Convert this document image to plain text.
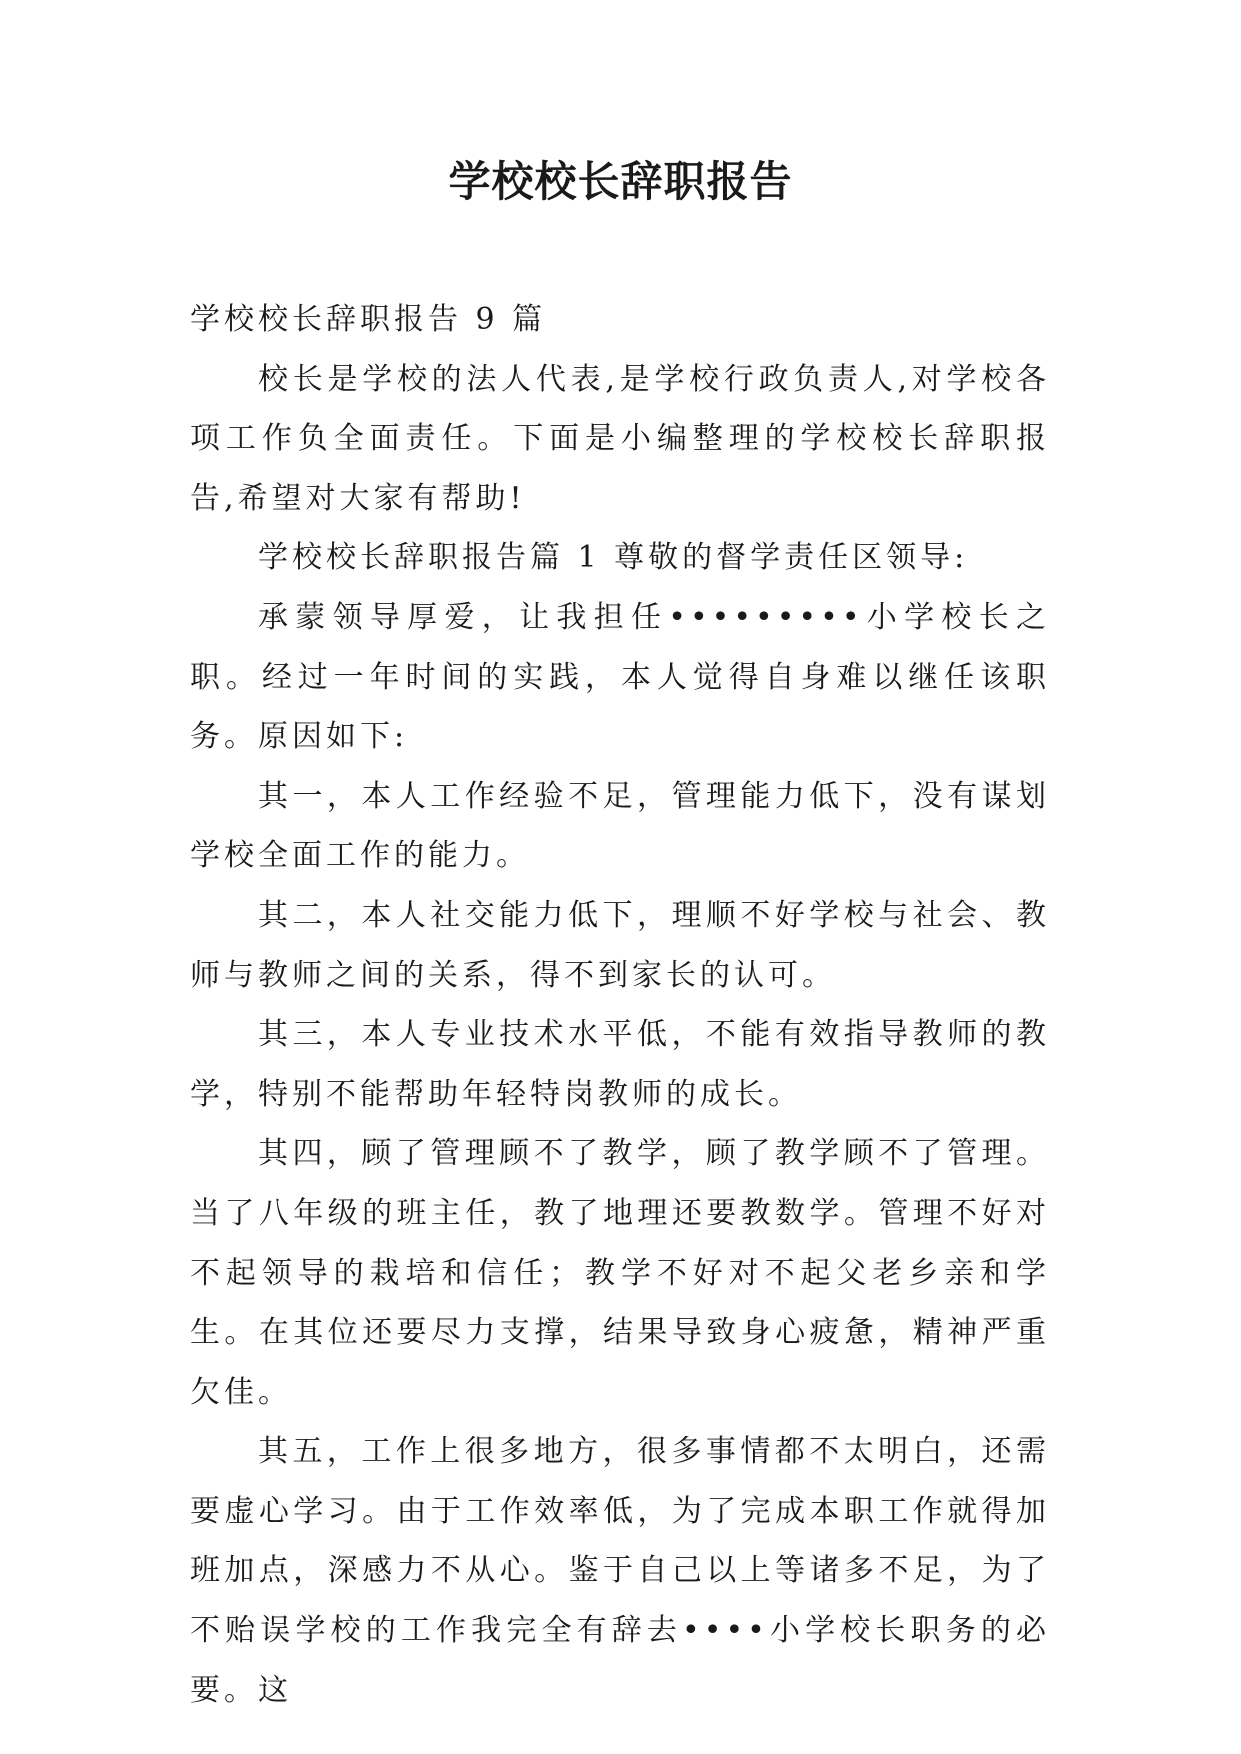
学校校长辞职报告

学校校长辞职报告 9 篇

校长是学校的法人代表,是学校行政负责人,对学校各项工作负全面责任。下面是小编整理的学校校长辞职报告,希望对大家有帮助!

学校校长辞职报告篇 1 尊敬的督学责任区领导:

承蒙领导厚爱，让我担任•••••••••小学校长之职。经过一年时间的实践，本人觉得自身难以继任该职务。原因如下:

其一，本人工作经验不足，管理能力低下，没有谋划学校全面工作的能力。

其二，本人社交能力低下，理顺不好学校与社会、教师与教师之间的关系，得不到家长的认可。

其三，本人专业技术水平低，不能有效指导教师的教学，特别不能帮助年轻特岗教师的成长。

其四，顾了管理顾不了教学，顾了教学顾不了管理。当了八年级的班主任，教了地理还要教数学。管理不好对不起领导的栽培和信任；教学不好对不起父老乡亲和学生。在其位还要尽力支撑，结果导致身心疲惫，精神严重欠佳。

其五，工作上很多地方，很多事情都不太明白，还需要虚心学习。由于工作效率低，为了完成本职工作就得加班加点，深感力不从心。鉴于自己以上等诸多不足，为了不贻误学校的工作我完全有辞去••••小学校长职务的必要。这
